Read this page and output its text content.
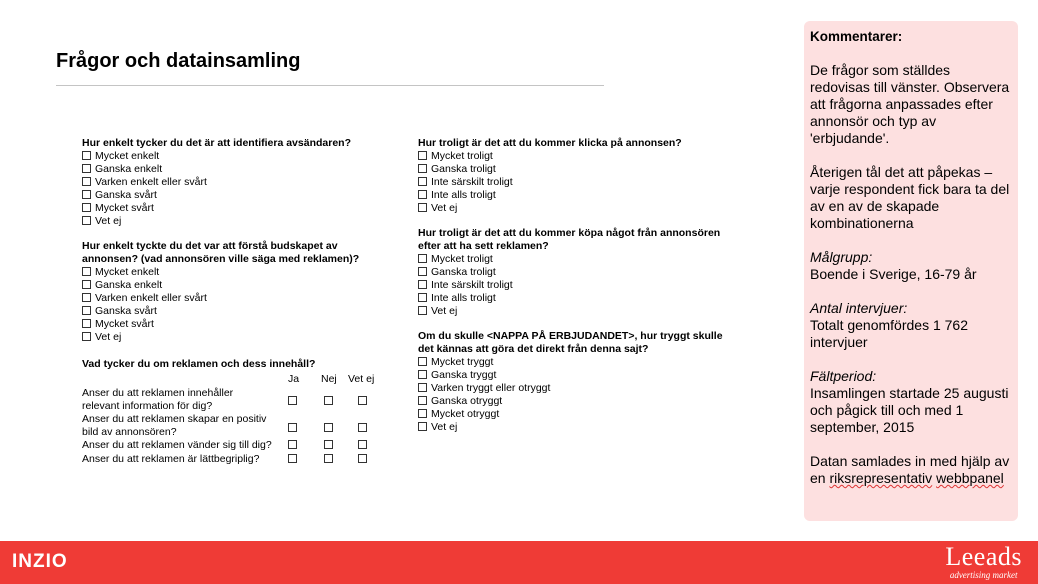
Frågor och datainsamling

Hur enkelt tycker du det är att identifiera avsändaren?

Mycket enkelt
Ganska enkelt
Varken enkelt eller svårt
Ganska svårt
Mycket svårt
Vet ej

Hur enkelt tyckte du det var att förstå budskapet av
annonsen? (vad annonsören ville säga med reklamen)?

Mycket enkelt
Ganska enkelt
Varken enkelt eller svårt
Ganska svårt
Mycket svårt
Vet ej

Vad tycker du om reklamen och dess innehåll?

Ja Nej Vet ej
Anser du att reklamen innehåller
relevant information för dig?
Anser du att reklamen skapar en positiv
bild av annonsören?
Anser du att reklamen vänder sig till dig?
Anser du att reklamen är lättbegriplig?

Hur troligt är det att du kommer klicka på annonsen?

Mycket troligt
Ganska troligt
Inte särskilt troligt
Inte alls troligt
Vet ej

Hur troligt är det att du kommer köpa något från annonsören
efter att ha sett reklamen?

Mycket troligt
Ganska troligt
Inte särskilt troligt
Inte alls troligt
Vet ej

Om du skulle <NAPPA PÅ ERBJUDANDET>, hur tryggt skulle
det kännas att göra det direkt från denna sajt?

Mycket tryggt
Ganska tryggt
Varken tryggt eller otryggt
Ganska otryggt
Mycket otryggt
Vet ej

Kommentarer:

De frågor som ställdes redovisas till vänster. Observera att frågorna anpassades efter annonsör och typ av 'erbjudande'.

Återigen tål det att påpekas – varje respondent fick bara ta del av en av de skapade kombinationerna

Målgrupp:
Boende i Sverige, 16-79 år

Antal intervjuer:
Totalt genomfördes 1 762 intervjuer

Fältperiod:
Insamlingen startade 25 augusti och pågick till och med 1 september, 2015

Datan samlades in med hjälp av en riksrepresentativ webbpanel

INZIO	Leeads
advertising market
